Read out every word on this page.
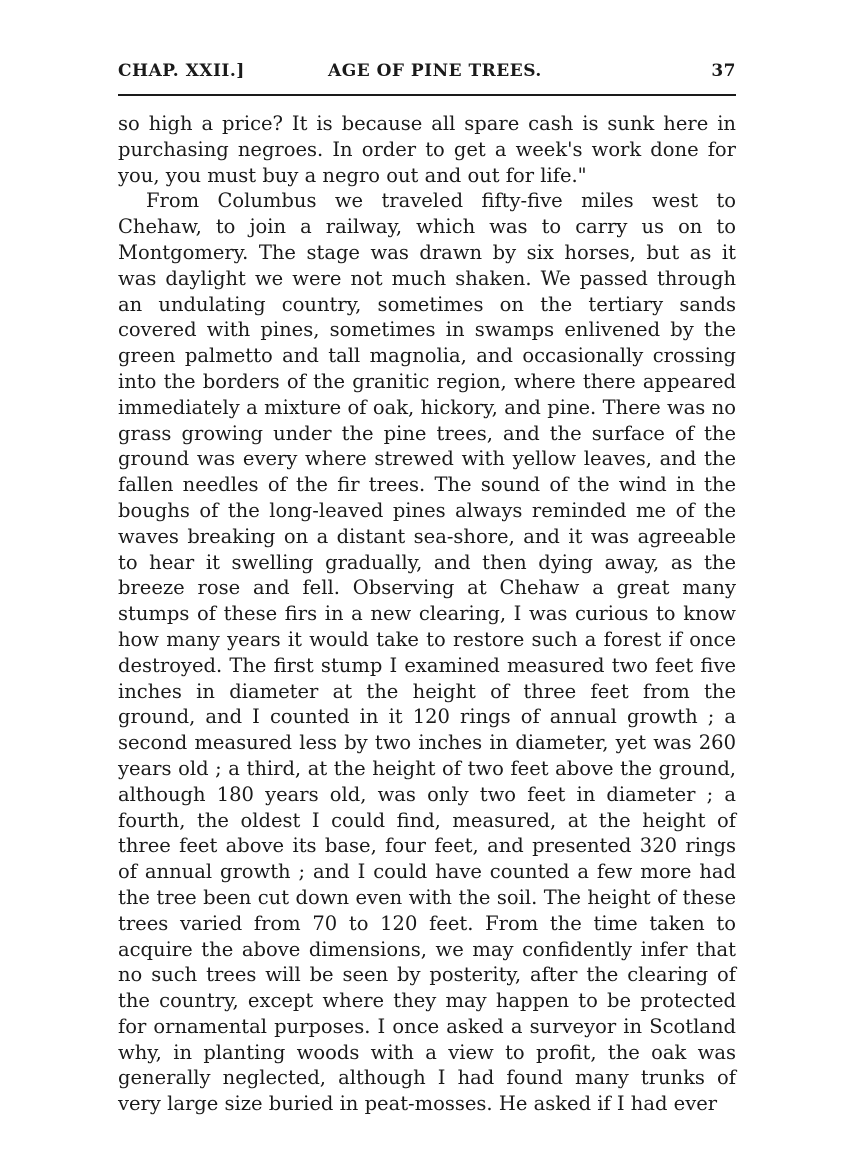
CHAP. XXII.]	AGE OF PINE TREES.	37

so high a price? It is because all spare cash is sunk here in purchasing negroes. In order to get a week's work done for you, you must buy a negro out and out for life."

From Columbus we traveled fifty-five miles west to Chehaw, to join a railway, which was to carry us on to Montgomery. The stage was drawn by six horses, but as it was daylight we were not much shaken. We passed through an undulating country, sometimes on the tertiary sands covered with pines, sometimes in swamps enlivened by the green palmetto and tall magnolia, and occasionally crossing into the borders of the granitic region, where there appeared immediately a mixture of oak, hickory, and pine. There was no grass growing under the pine trees, and the surface of the ground was every where strewed with yellow leaves, and the fallen needles of the fir trees. The sound of the wind in the boughs of the long-leaved pines always reminded me of the waves breaking on a distant sea-shore, and it was agreeable to hear it swelling gradually, and then dying away, as the breeze rose and fell. Observing at Chehaw a great many stumps of these firs in a new clearing, I was curious to know how many years it would take to restore such a forest if once destroyed. The first stump I examined measured two feet five inches in diameter at the height of three feet from the ground, and I counted in it 120 rings of annual growth ; a second measured less by two inches in diameter, yet was 260 years old ; a third, at the height of two feet above the ground, although 180 years old, was only two feet in diameter ; a fourth, the oldest I could find, measured, at the height of three feet above its base, four feet, and presented 320 rings of annual growth ; and I could have counted a few more had the tree been cut down even with the soil. The height of these trees varied from 70 to 120 feet. From the time taken to acquire the above dimensions, we may confidently infer that no such trees will be seen by posterity, after the clearing of the country, except where they may happen to be protected for ornamental purposes. I once asked a surveyor in Scotland why, in planting woods with a view to profit, the oak was generally neglected, although I had found many trunks of very large size buried in peat-mosses. He asked if I had ever
